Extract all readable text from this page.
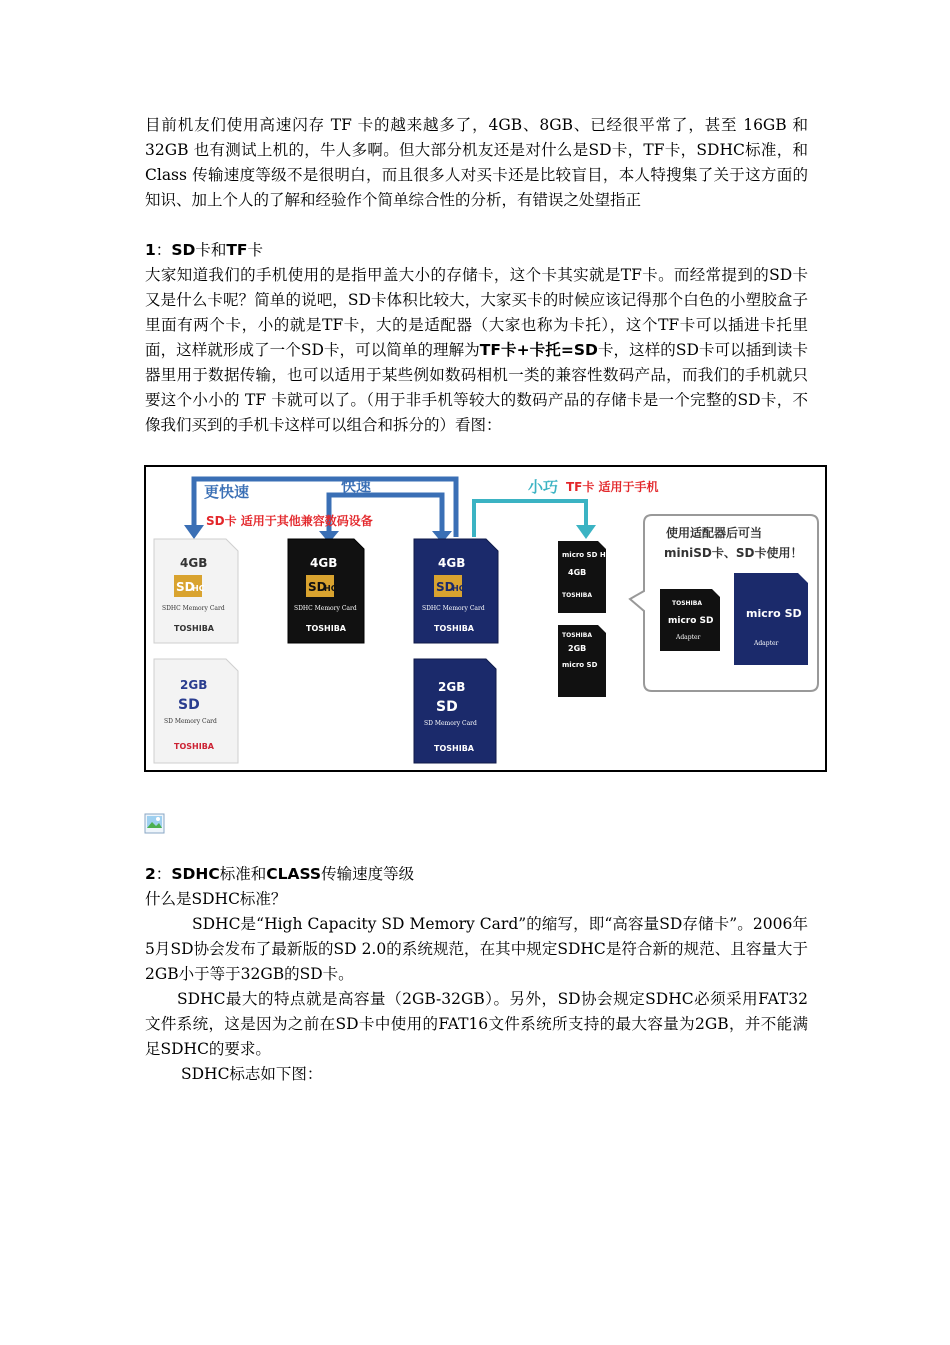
目前机友们使用高速闪存 TF 卡的越来越多了，4GB、8GB、已经很平常了，甚至 16GB 和 32GB 也有测试上机的，牛人多啊。但大部分机友还是对什么是SD卡，TF卡，SDHC标准，和 Class 传输速度等级不是很明白，而且很多人对买卡还是比较盲目，本人特搜集了关于这方面的知识、加上个人的了解和经验作个简单综合性的分析，有错误之处望指正

1：SD卡和TF卡

大家知道我们的手机使用的是指甲盖大小的存储卡，这个卡其实就是TF卡。而经常提到的SD卡又是什么卡呢？简单的说吧，SD卡体积比较大，大家买卡的时候应该记得那个白色的小塑胶盒子里面有两个卡，小的就是TF卡，大的是适配器（大家也称为卡托），这个TF卡可以插进卡托里面，这样就形成了一个SD卡，可以简单的理解为TF卡+卡托=SD卡，这样的SD卡可以插到读卡器里用于数据传输，也可以适用于某些例如数码相机一类的兼容性数码产品，而我们的手机就只要这个小小的 TF 卡就可以了。（用于非手机等较大的数码产品的存储卡是一个完整的SD卡，不像我们买到的手机卡这样可以组合和拆分的）看图：

更快速	快速	小巧 TF卡 适用于手机
SD卡 适用于其他兼容数码设备
4GB
SD
HC
SDHC Memory Card
TOSHIBA
4GB
SD
HC
SDHC Memory Card
TOSHIBA
4GB
SD
HC
SDHC Memory Card
TOSHIBA
2GB
SD
SD Memory Card
TOSHIBA
2GB
SD
SD Memory Card
TOSHIBA
micro SD HC
4GB
TOSHIBA
TOSHIBA
2GB
micro SD
使用适配器后可当
miniSD卡、SD卡使用！
TOSHIBA
micro SD
Adapter
micro SD
Adapter

2：SDHC标准和CLASS传输速度等级

什么是SDHC标准？

SDHC是“High Capacity SD Memory Card”的缩写，即“高容量SD存储卡”。2006年5月SD协会发布了最新版的SD 2.0的系统规范，在其中规定SDHC是符合新的规范、且容量大于2GB小于等于32GB的SD卡。

SDHC最大的特点就是高容量（2GB-32GB）。另外，SD协会规定SDHC必须采用FAT32文件系统，这是因为之前在SD卡中使用的FAT16文件系统所支持的最大容量为2GB，并不能满足SDHC的要求。

SDHC标志如下图：
